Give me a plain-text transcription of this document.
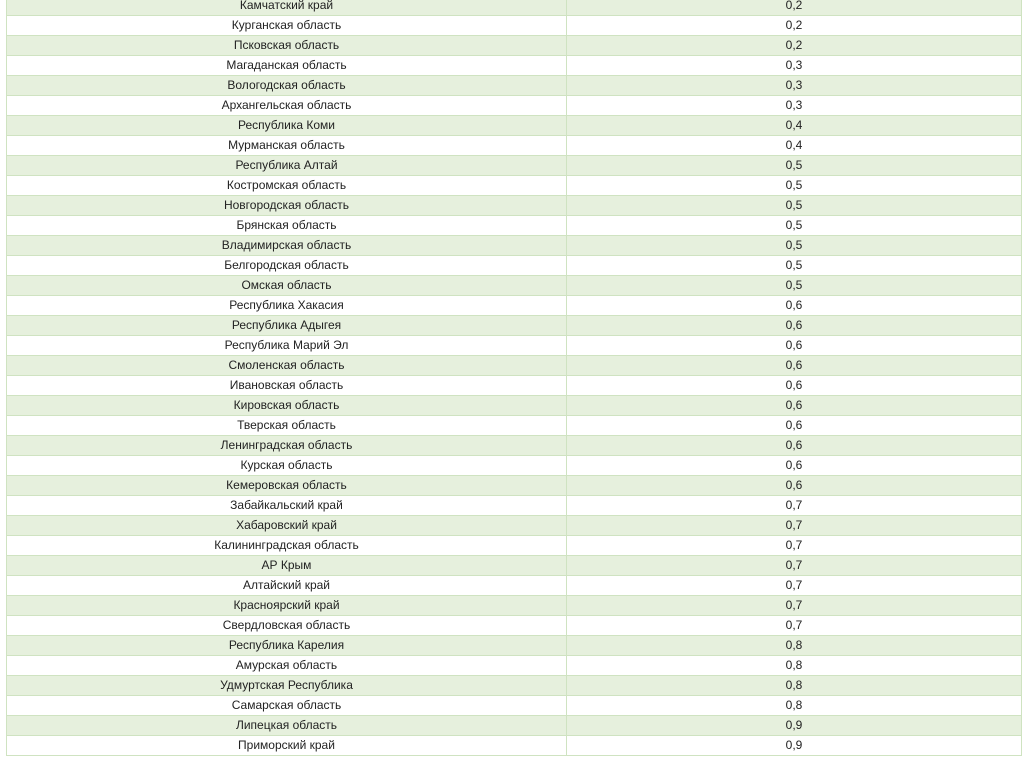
Камчатский край	0,2
Курганская область	0,2
Псковская область	0,2
Магаданская область	0,3
Вологодская область	0,3
Архангельская область	0,3
Республика Коми	0,4
Мурманская область	0,4
Республика Алтай	0,5
Костромская область	0,5
Новгородская область	0,5
Брянская область	0,5
Владимирская область	0,5
Белгородская область	0,5
Омская область	0,5
Республика Хакасия	0,6
Республика Адыгея	0,6
Республика Марий Эл	0,6
Смоленская область	0,6
Ивановская область	0,6
Кировская область	0,6
Тверская область	0,6
Ленинградская область	0,6
Курская область	0,6
Кемеровская область	0,6
Забайкальский край	0,7
Хабаровский край	0,7
Калининградская область	0,7
АР Крым	0,7
Алтайский край	0,7
Красноярский край	0,7
Свердловская область	0,7
Республика Карелия	0,8
Амурская область	0,8
Удмуртская Республика	0,8
Самарская область	0,8
Липецкая область	0,9
Приморский край	0,9
